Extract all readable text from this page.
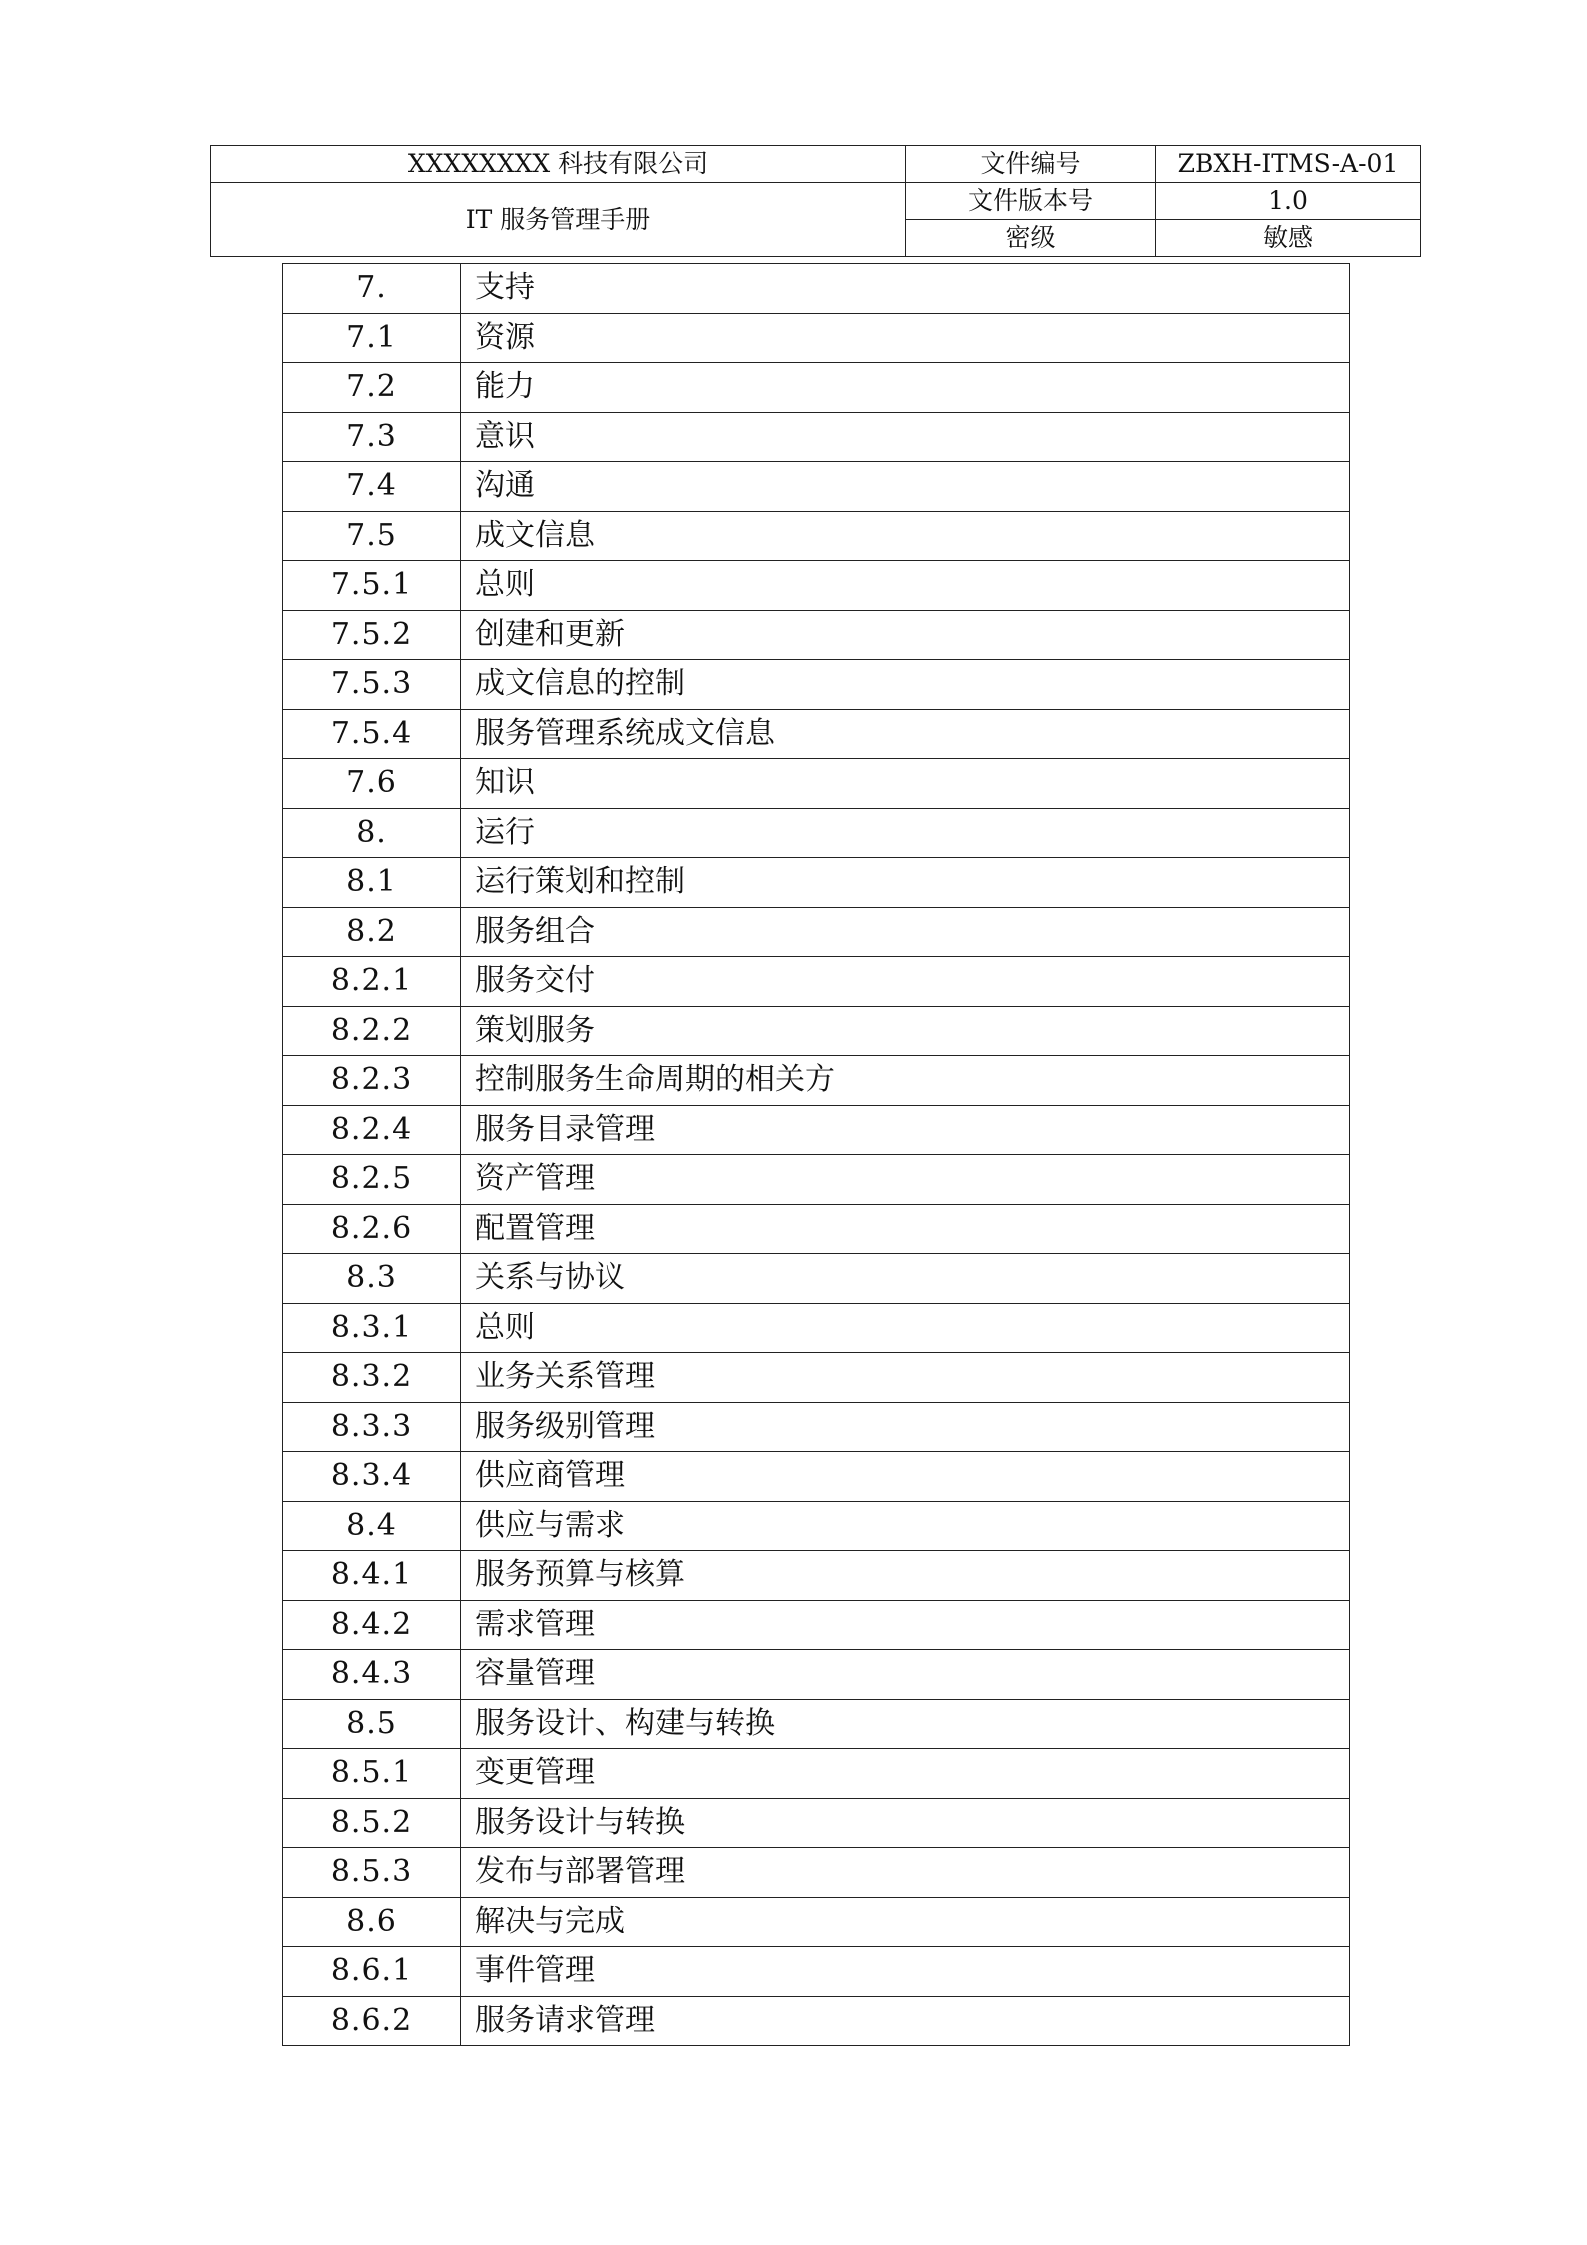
XXXXXXXX 科技有限公司	文件编号	ZBXH-ITMS-A-01
IT 服务管理手册	文件版本号	1.0
	密级	敏感
7.	支持
7.1	资源
7.2	能力
7.3	意识
7.4	沟通
7.5	成文信息
7.5.1	总则
7.5.2	创建和更新
7.5.3	成文信息的控制
7.5.4	服务管理系统成文信息
7.6	知识
8.	运行
8.1	运行策划和控制
8.2	服务组合
8.2.1	服务交付
8.2.2	策划服务
8.2.3	控制服务生命周期的相关方
8.2.4	服务目录管理
8.2.5	资产管理
8.2.6	配置管理
8.3	关系与协议
8.3.1	总则
8.3.2	业务关系管理
8.3.3	服务级别管理
8.3.4	供应商管理
8.4	供应与需求
8.4.1	服务预算与核算
8.4.2	需求管理
8.4.3	容量管理
8.5	服务设计、构建与转换
8.5.1	变更管理
8.5.2	服务设计与转换
8.5.3	发布与部署管理
8.6	解决与完成
8.6.1	事件管理
8.6.2	服务请求管理
